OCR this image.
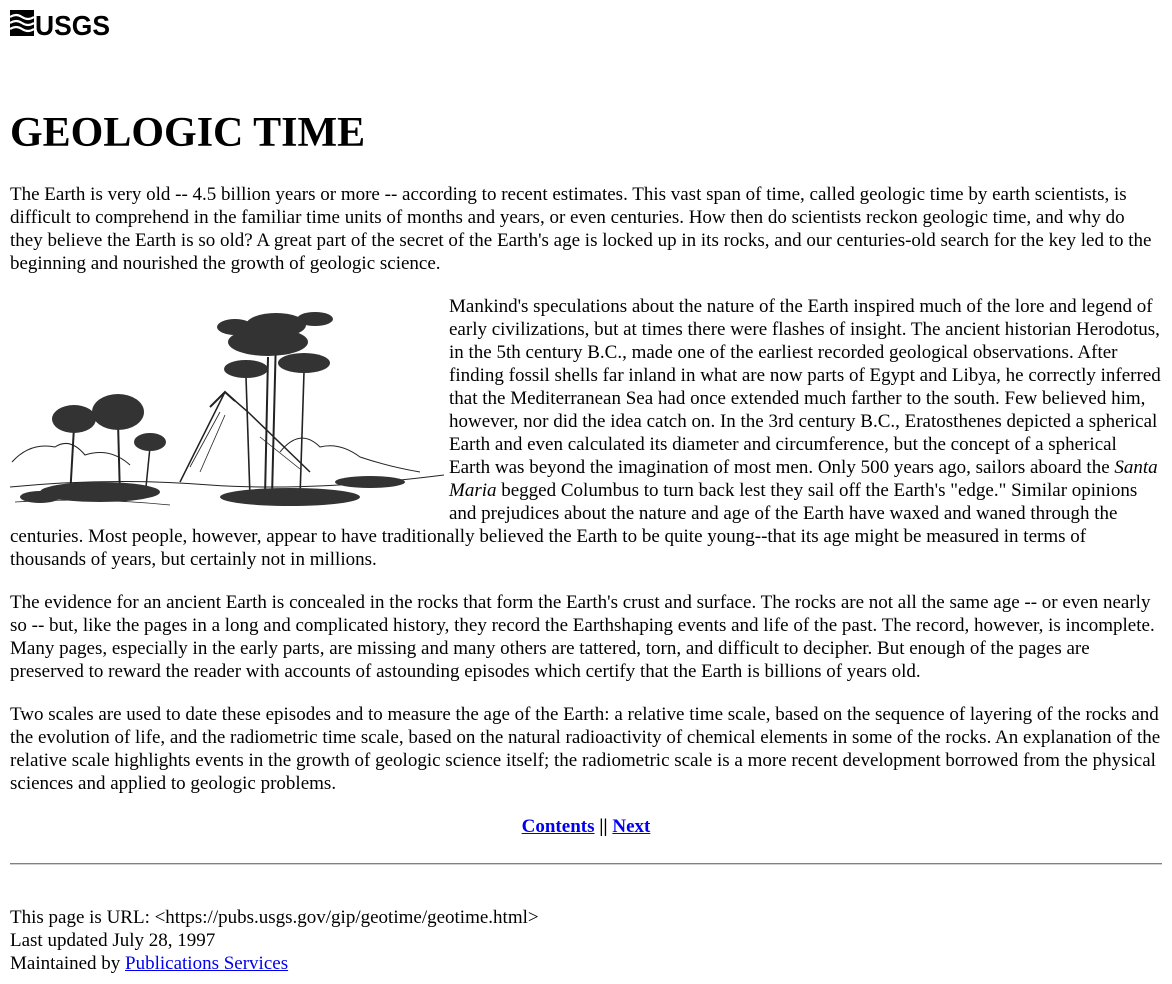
USGS
GEOLOGIC TIME

The Earth is very old -- 4.5 billion years or more -- according to recent estimates. This vast span of time, called geologic time by earth scientists, is difficult to comprehend in the familiar time units of months and years, or even centuries. How then do scientists reckon geologic time, and why do they believe the Earth is so old? A great part of the secret of the Earth's age is locked up in its rocks, and our centuries-old search for the key led to the beginning and nourished the growth of geologic science.

Mankind's speculations about the nature of the Earth inspired much of the lore and legend of early civilizations, but at times there were flashes of insight. The ancient historian Herodotus, in the 5th century B.C., made one of the earliest recorded geological observations. After finding fossil shells far inland in what are now parts of Egypt and Libya, he correctly inferred that the Mediterranean Sea had once extended much farther to the south. Few believed him, however, nor did the idea catch on. In the 3rd century B.C., Eratosthenes depicted a spherical Earth and even calculated its diameter and circumference, but the concept of a spherical Earth was beyond the imagination of most men. Only 500 years ago, sailors aboard the Santa Maria begged Columbus to turn back lest they sail off the Earth's "edge." Similar opinions and prejudices about the nature and age of the Earth have waxed and waned through the centuries. Most people, however, appear to have traditionally believed the Earth to be quite young--that its age might be measured in terms of thousands of years, but certainly not in millions.

The evidence for an ancient Earth is concealed in the rocks that form the Earth's crust and surface. The rocks are not all the same age -- or even nearly so -- but, like the pages in a long and complicated history, they record the Earthshaping events and life of the past. The record, however, is incomplete. Many pages, especially in the early parts, are missing and many others are tattered, torn, and difficult to decipher. But enough of the pages are preserved to reward the reader with accounts of astounding episodes which certify that the Earth is billions of years old.

Two scales are used to date these episodes and to measure the age of the Earth: a relative time scale, based on the sequence of layering of the rocks and the evolution of life, and the radiometric time scale, based on the natural radioactivity of chemical elements in some of the rocks. An explanation of the relative scale highlights events in the growth of geologic science itself; the radiometric scale is a more recent development borrowed from the physical sciences and applied to geologic problems.

Contents || Next
This page is URL: <https://pubs.usgs.gov/gip/geotime/geotime.html>
Last updated July 28, 1997
Maintained by Publications Services
